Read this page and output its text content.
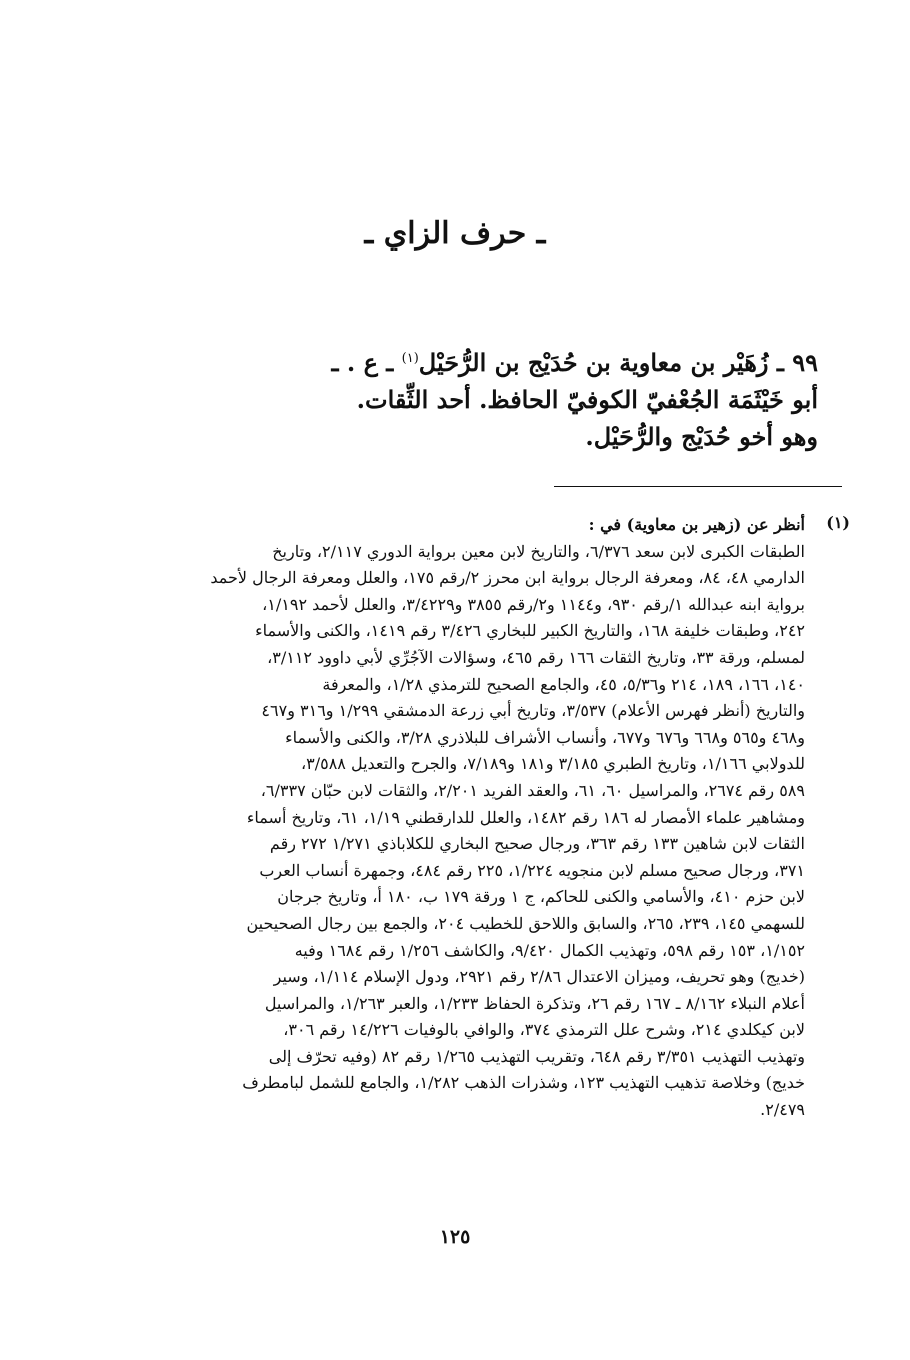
ـ حرف الزاي ـ
٩٩ ـ زُهَيْر بن معاوية بن حُدَيْج بن الرُّحَيْل$^{(١)}$ ـ ع . ـ
أبو خَيْثَمَة الجُعْفيّ الكوفيّ الحافظ. أحد الثِّقات.
وهو أخو حُدَيْج والرُّحَيْل.
(١)
أنظر عن (زهير بن معاوية) في :
الطبقات الكبرى لابن سعد ٦/٣٧٦، والتاريخ لابن معين برواية الدوري ٢/١١٧، وتاريخ
الدارمي ٤٨، ٨٤، ومعرفة الرجال برواية ابن محرز ٢/رقم ١٧٥، والعلل ومعرفة الرجال لأحمد
برواية ابنه عبدالله ١/رقم ٩٣٠، و١١٤٤ و٢/رقم ٣٨٥٥ و٣/٤٢٢٩، والعلل لأحمد ١/١٩٢،
٢٤٢، وطبقات خليفة ١٦٨، والتاريخ الكبير للبخاري ٣/٤٢٦ رقم ١٤١٩، والكنى والأسماء
لمسلم، ورقة ٣٣، وتاريخ الثقات ١٦٦ رقم ٤٦٥، وسؤالات الآجُرِّي لأبي داوود ٣/١١٢،
١٤٠، ١٦٦، ١٨٩، ٢١٤ و٥/٣٦، ٤٥، والجامع الصحيح للترمذي ١/٢٨، والمعرفة
والتاريخ (أنظر فهرس الأعلام) ٣/٥٣٧، وتاريخ أبي زرعة الدمشقي ١/٢٩٩ و٣١٦ و٤٦٧
و٤٦٨ و٥٦٥ و٦٦٨ و٦٧٦ و٦٧٧، وأنساب الأشراف للبلاذري ٣/٢٨، والكنى والأسماء
للدولابي ١/١٦٦، وتاريخ الطبري ٣/١٨٥ و١٨١ و٧/١٨٩، والجرح والتعديل ٣/٥٨٨،
٥٨٩ رقم ٢٦٧٤، والمراسيل ٦٠، ٦١، والعقد الفريد ٢/٢٠١، والثقات لابن حبّان ٦/٣٣٧،
ومشاهير علماء الأمصار له ١٨٦ رقم ١٤٨٢، والعلل للدارقطني ١/١٩، ٦١، وتاريخ أسماء
الثقات لابن شاهين ١٣٣ رقم ٣٦٣، ورجال صحيح البخاري للكلاباذي ١/٢٧١ ٢٧٢ رقم
٣٧١، ورجال صحيح مسلم لابن منجويه ١/٢٢٤، ٢٢٥ رقم ٤٨٤، وجمهرة أنساب العرب
لابن حزم ٤١٠، والأسامي والكنى للحاكم، ج ١ ورقة ١٧٩ ب، ١٨٠ أ، وتاريخ جرجان
للسهمي ١٤٥، ٢٣٩، ٢٦٥، والسابق واللاحق للخطيب ٢٠٤، والجمع بين رجال الصحيحين
١/١٥٢، ١٥٣ رقم ٥٩٨، وتهذيب الكمال ٩/٤٢٠، والكاشف ١/٢٥٦ رقم ١٦٨٤ وفيه
(خديج) وهو تحريف، وميزان الاعتدال ٢/٨٦ رقم ٢٩٢١، ودول الإسلام ١/١١٤، وسير
أعلام النبلاء ٨/١٦٢ ـ ١٦٧ رقم ٢٦، وتذكرة الحفاظ ١/٢٣٣، والعبر ١/٢٦٣، والمراسيل
لابن كيكلدي ٢١٤، وشرح علل الترمذي ٣٧٤، والوافي بالوفيات ١٤/٢٢٦ رقم ٣٠٦،
وتهذيب التهذيب ٣/٣٥١ رقم ٦٤٨، وتقريب التهذيب ١/٢٦٥ رقم ٨٢ (وفيه تحرّف إلى
خديج) وخلاصة تذهيب التهذيب ١٢٣، وشذرات الذهب ١/٢٨٢، والجامع للشمل لبامطرف
٢/٤٧٩.
١٢٥
